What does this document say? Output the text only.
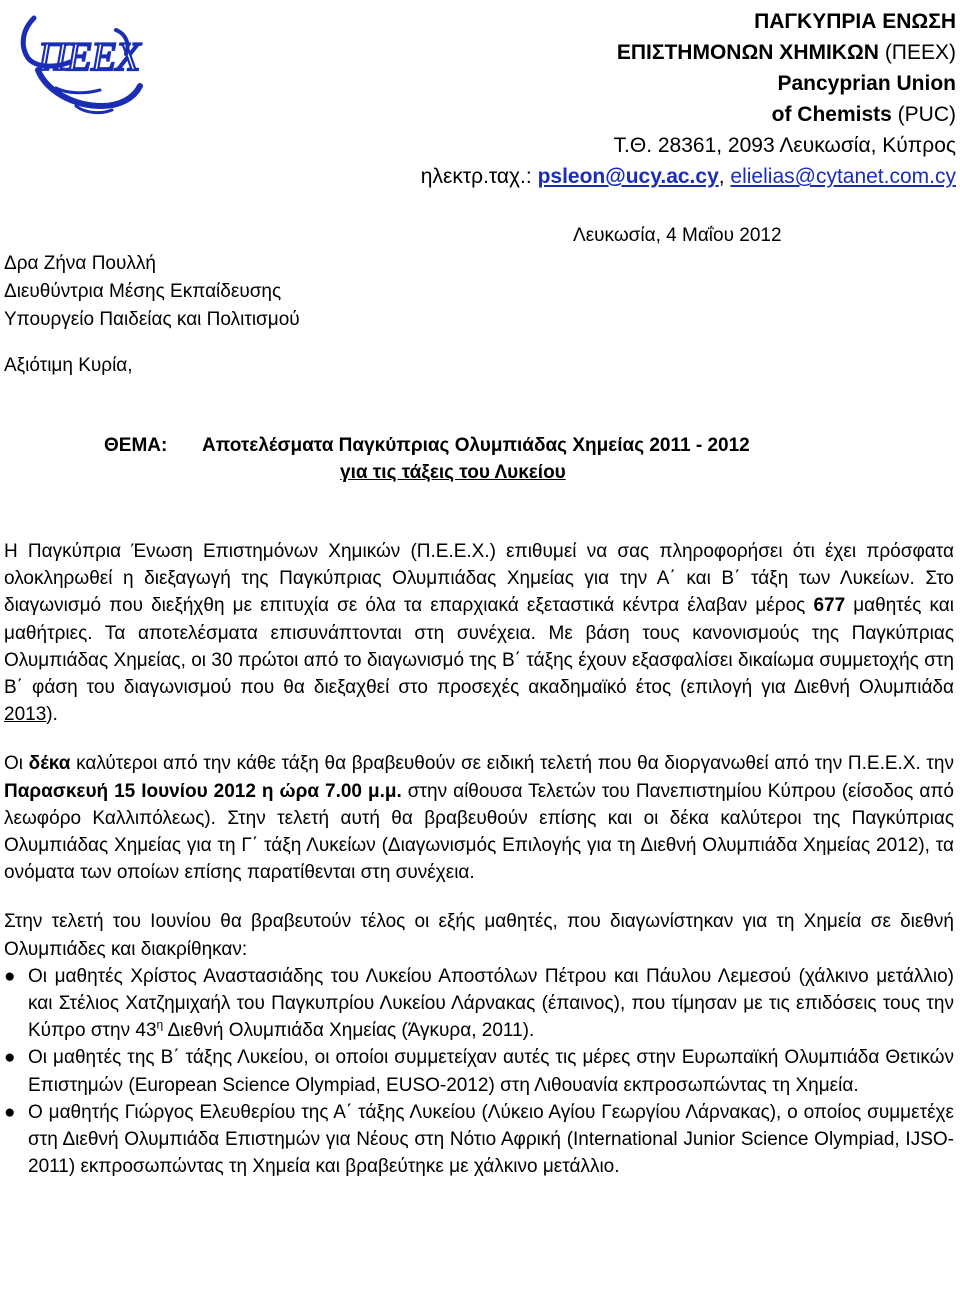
ΠΕΕΧ
ΠΑΓΚΥΠΡΙΑ ΕΝΩΣΗ
ΕΠΙΣΤΗΜΟΝΩΝ ΧΗΜΙΚΩΝ (ΠΕΕΧ)
Pancyprian Union
of Chemists (PUC)
Τ.Θ. 28361, 2093 Λευκωσία, Κύπρος
ηλεκτρ.ταχ.: psleon@ucy.ac.cy, elielias@cytanet.com.cy
Λευκωσία, 4 Μαΐου 2012
Δρα Ζήνα Πουλλή
Διευθύντρια Μέσης Εκπαίδευσης
Υπουργείο Παιδείας και Πολιτισμού
Αξιότιμη Κυρία,
ΘΕΜΑ: Αποτελέσματα Παγκύπριας Ολυμπιάδας Χημείας 2011 - 2012
για τις τάξεις του Λυκείου

Η Παγκύπρια Ένωση Επιστημόνων Χημικών (Π.Ε.Ε.Χ.) επιθυμεί να σας πληροφορήσει ότι έχει πρόσφατα ολοκληρωθεί η διεξαγωγή της Παγκύπριας Ολυμπιάδας Χημείας για την Α΄ και Β΄ τάξη των Λυκείων. Στο διαγωνισμό που διεξήχθη με επιτυχία σε όλα τα επαρχιακά εξεταστικά κέντρα έλαβαν μέρος 677 μαθητές και μαθήτριες. Τα αποτελέσματα επισυνάπτονται στη συνέχεια. Με βάση τους κανονισμούς της Παγκύπριας Ολυμπιάδας Χημείας, οι 30 πρώτοι από το διαγωνισμό της Β΄ τάξης έχουν εξασφαλίσει δικαίωμα συμμετοχής στη Β΄ φάση του διαγωνισμού που θα διεξαχθεί στο προσεχές ακαδημαϊκό έτος (επιλογή για Διεθνή Ολυμπιάδα 2013).

Οι δέκα καλύτεροι από την κάθε τάξη θα βραβευθούν σε ειδική τελετή που θα διοργανωθεί από την Π.Ε.Ε.Χ. την Παρασκευή 15 Ιουνίου 2012 η ώρα 7.00 μ.μ. στην αίθουσα Τελετών του Πανεπιστημίου Κύπρου (είσοδος από λεωφόρο Καλλιπόλεως). Στην τελετή αυτή θα βραβευθούν επίσης και οι δέκα καλύτεροι της Παγκύπριας Ολυμπιάδας Χημείας για τη Γ΄ τάξη Λυκείων (Διαγωνισμός Επιλογής για τη Διεθνή Ολυμπιάδα Χημείας 2012), τα ονόματα των οποίων επίσης παρατίθενται στη συνέχεια.

Στην τελετή του Ιουνίου θα βραβευτούν τέλος οι εξής μαθητές, που διαγωνίστηκαν για τη Χημεία σε διεθνή Ολυμπιάδες και διακρίθηκαν:

● Οι μαθητές Χρίστος Αναστασιάδης του Λυκείου Αποστόλων Πέτρου και Πάυλου Λεμεσού (χάλκινο μετάλλιο) και Στέλιος Χατζημιχαήλ του Παγκυπρίου Λυκείου Λάρνακας (έπαινος), που τίμησαν με τις επιδόσεις τους την Κύπρο στην $43^\eta$ Διεθνή Ολυμπιάδα Χημείας (Άγκυρα, 2011).
● Οι μαθητές της Β΄ τάξης Λυκείου, οι οποίοι συμμετείχαν αυτές τις μέρες στην Ευρωπαϊκή Ολυμπιάδα Θετικών Επιστημών (European Science Olympiad, EUSO-2012) στη Λιθουανία εκπροσωπώντας τη Χημεία.
● Ο μαθητής Γιώργος Ελευθερίου της Α΄ τάξης Λυκείου (Λύκειο Αγίου Γεωργίου Λάρνακας), ο οποίος συμμετέχε στη Διεθνή Ολυμπιάδα Επιστημών για Νέους στη Νότιο Αφρική (International Junior Science Olympiad, IJSO-2011) εκπροσωπώντας τη Χημεία και βραβεύτηκε με χάλκινο μετάλλιο.
